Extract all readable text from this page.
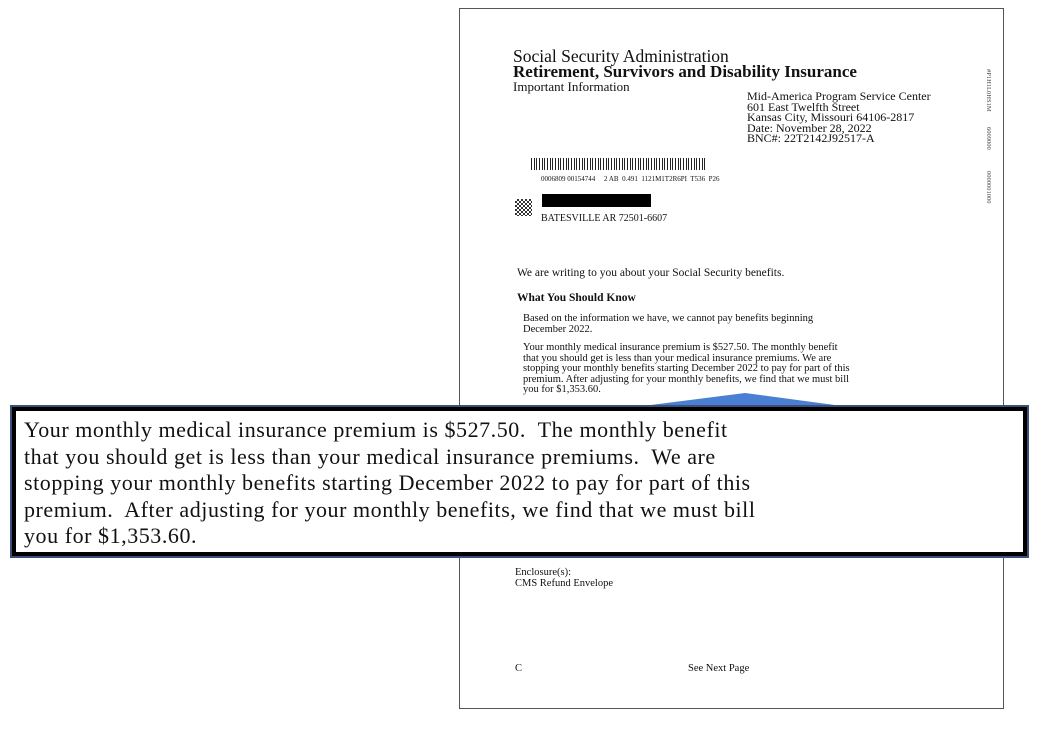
Social Security Administration
Retirement, Survivors and Disability Insurance
Important Information
Mid-America Program Service Center
601 East Twelfth Street
Kansas City, Missouri 64106-2817
Date: November 28, 2022
BNC#: 22T2142J92517-A
0006809 00154744     2 AB  0.491  1121M1T2R6PI  T536  P26
BATESVILLE AR 72501-6607
#P1H1L0HS1M
6009000
0000001000
We are writing to you about your Social Security benefits.
What You Should Know
Based on the information we have, we cannot pay benefits beginning
December 2022.
Your monthly medical insurance premium is $527.50. The monthly benefit
that you should get is less than your medical insurance premiums. We are
stopping your monthly benefits starting December 2022 to pay for part of this
premium. After adjusting for your monthly benefits, we find that we must bill
you for $1,353.60.
Enclosure(s):
CMS Refund Envelope
C	See Next Page
Your monthly medical insurance premium is $527.50.  The monthly benefit
that you should get is less than your medical insurance premiums.  We are
stopping your monthly benefits starting December 2022 to pay for part of this
premium.  After adjusting for your monthly benefits, we find that we must bill
you for $1,353.60.
